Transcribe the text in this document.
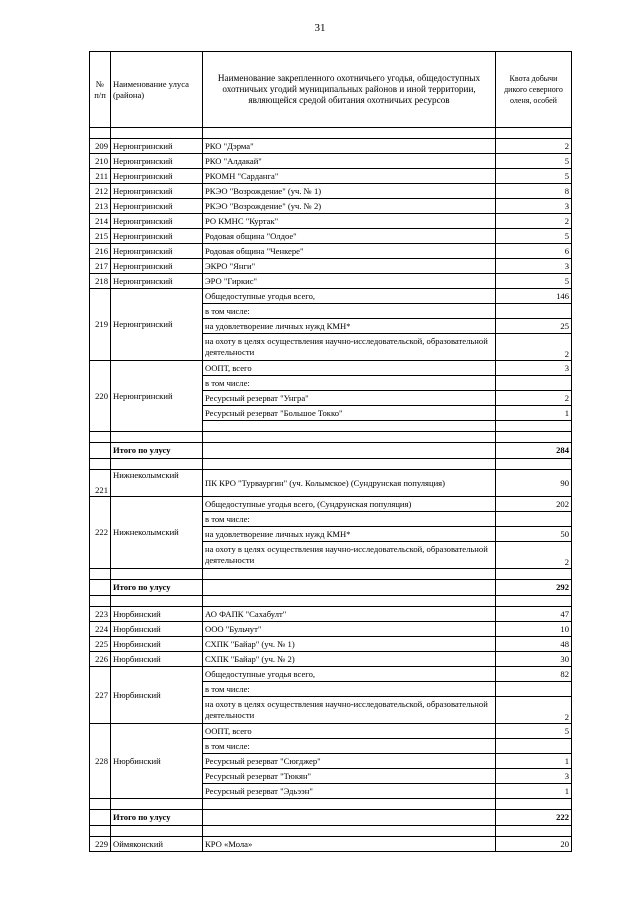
31
№ п/п	Наименование улуса (района)	Наименование закрепленного охотничьего угодья, общедоступных охотничьих угодий муниципальных районов и иной территории, являющейся средой обитания охотничьих ресурсов	Квота добычи дикого северного оленя, особей

209	Нерюнгринский	РКО "Дэрма"	2
210	Нерюнгринский	РКО "Алдакай"	5
211	Нерюнгринский	РКОМН "Сарданга"	5
212	Нерюнгринский	РКЭО "Возрождение" (уч. № 1)	8
213	Нерюнгринский	РКЭО "Возрождение" (уч. № 2)	3
214	Нерюнгринский	РО КМНС "Куртак"	2
215	Нерюнгринский	Родовая община "Олдое"	5
216	Нерюнгринский	Родовая община "Ченкере"	6
217	Нерюнгринский	ЭКРО "Янги"	3
218	Нерюнгринский	ЭРО "Гиркис"	5
219	Нерюнгринский	Общедоступные угодья всего,	146
		в том числе:	
		на удовлетворение личных нужд КМН*	25
		на охоту в целях осуществления научно-исследовательской, образовательной деятельности	2
220	Нерюнгринский	ООПТ, всего	3
		в том числе:	
		Ресурсный резерват "Унгра"	2
		Ресурсный резерват "Большое Токко"	1

	Итого по улусу		284

221	Нижнеколымский	ПК КРО "Турваургин" (уч. Колымское) (Сундрунская популяция)	90
222	Нижнеколымский	Общедоступные угодья всего, (Сундрунская популяция)	202
		в том числе:	
		на удовлетворение личных нужд КМН*	50
		на охоту в целях осуществления научно-исследовательской, образовательной деятельности	2

	Итого по улусу		292

223	Нюрбинский	АО ФАПК "Сахабулт"	47
224	Нюрбинский	ООО "Бульчут"	10
225	Нюрбинский	СХПК "Байар" (уч. № 1)	48
226	Нюрбинский	СХПК "Байар" (уч. № 2)	30
227	Нюрбинский	Общедоступные угодья всего,	82
		в том числе:	
		на охоту в целях осуществления научно-исследовательской, образовательной деятельности	2
228	Нюрбинский	ООПТ, всего	5
		в том числе:	
		Ресурсный резерват "Сюгджер"	1
		Ресурсный резерват "Тюкян"	3
		Ресурсный резерват "Эдьээн"	1

	Итого по улусу		222

229	Оймяконский	КРО «Мола»	20
